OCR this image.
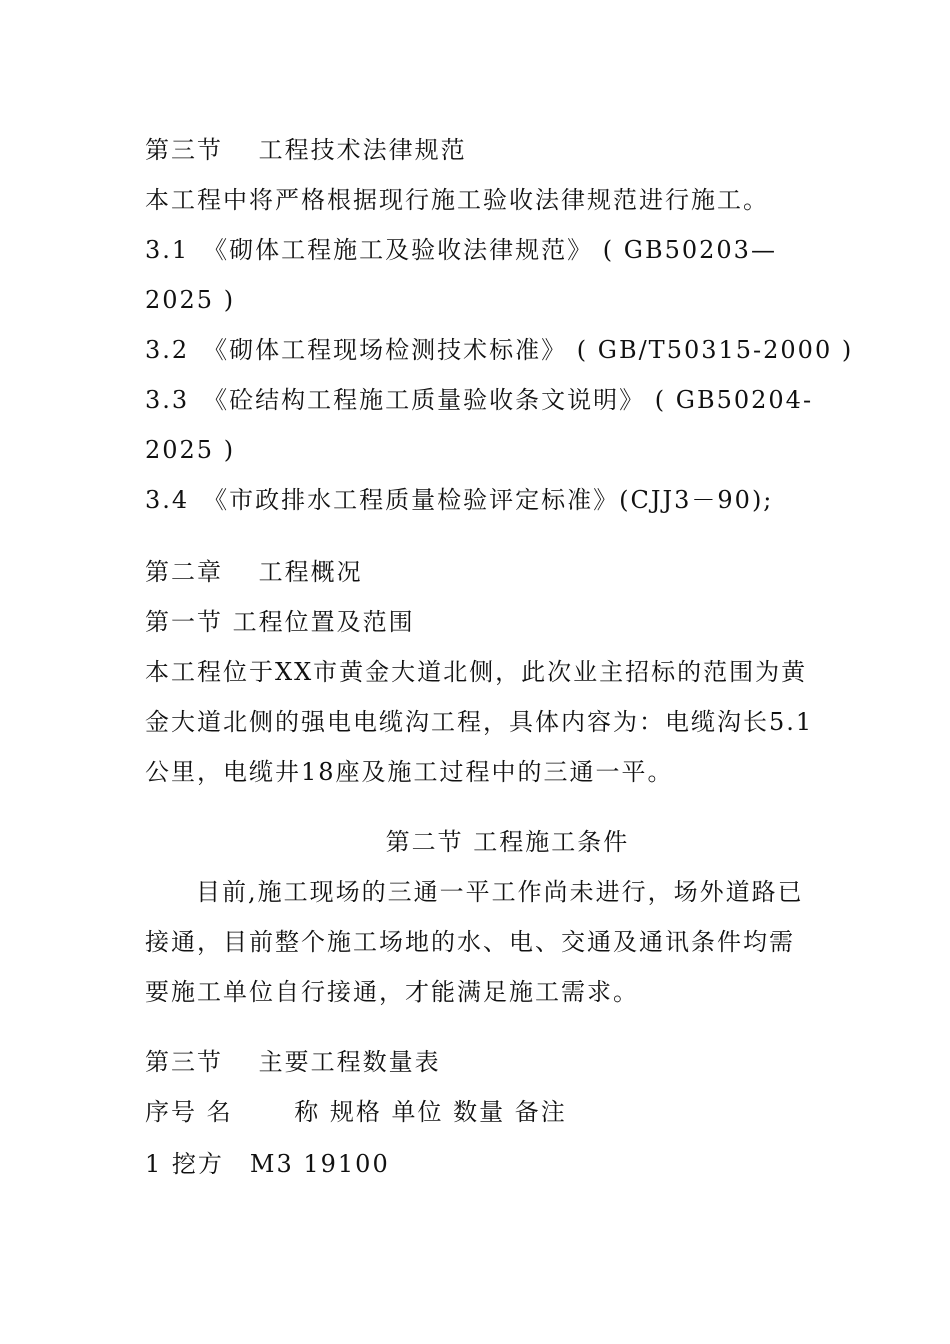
第三节　 工程技术法律规范
本工程中将严格根据现行施工验收法律规范进行施工。
3.1　《砌体工程施工及验收法律规范》 ( GB50203—
2025 )
3.2　《砌体工程现场检测技术标准》 ( GB/T50315-2000 )
3.3　《砼结构工程施工质量验收条文说明》 ( GB50204-
2025 )
3.4　《市政排水工程质量检验评定标准》(CJJ3－90);
第二章　 工程概况
第一节 工程位置及范围
本工程位于XX市黄金大道北侧，此次业主招标的范围为黄
金大道北侧的强电电缆沟工程，具体内容为：电缆沟长5.1
公里，电缆井18座及施工过程中的三通一平。
第二节 工程施工条件
目前,施工现场的三通一平工作尚未进行，场外道路已
接通，目前整个施工场地的水、电、交通及通讯条件均需
要施工单位自行接通，才能满足施工需求。
第三节　 主要工程数量表
序号 名　　 称 规格 单位 数量 备注
1 挖方　M3 19100
